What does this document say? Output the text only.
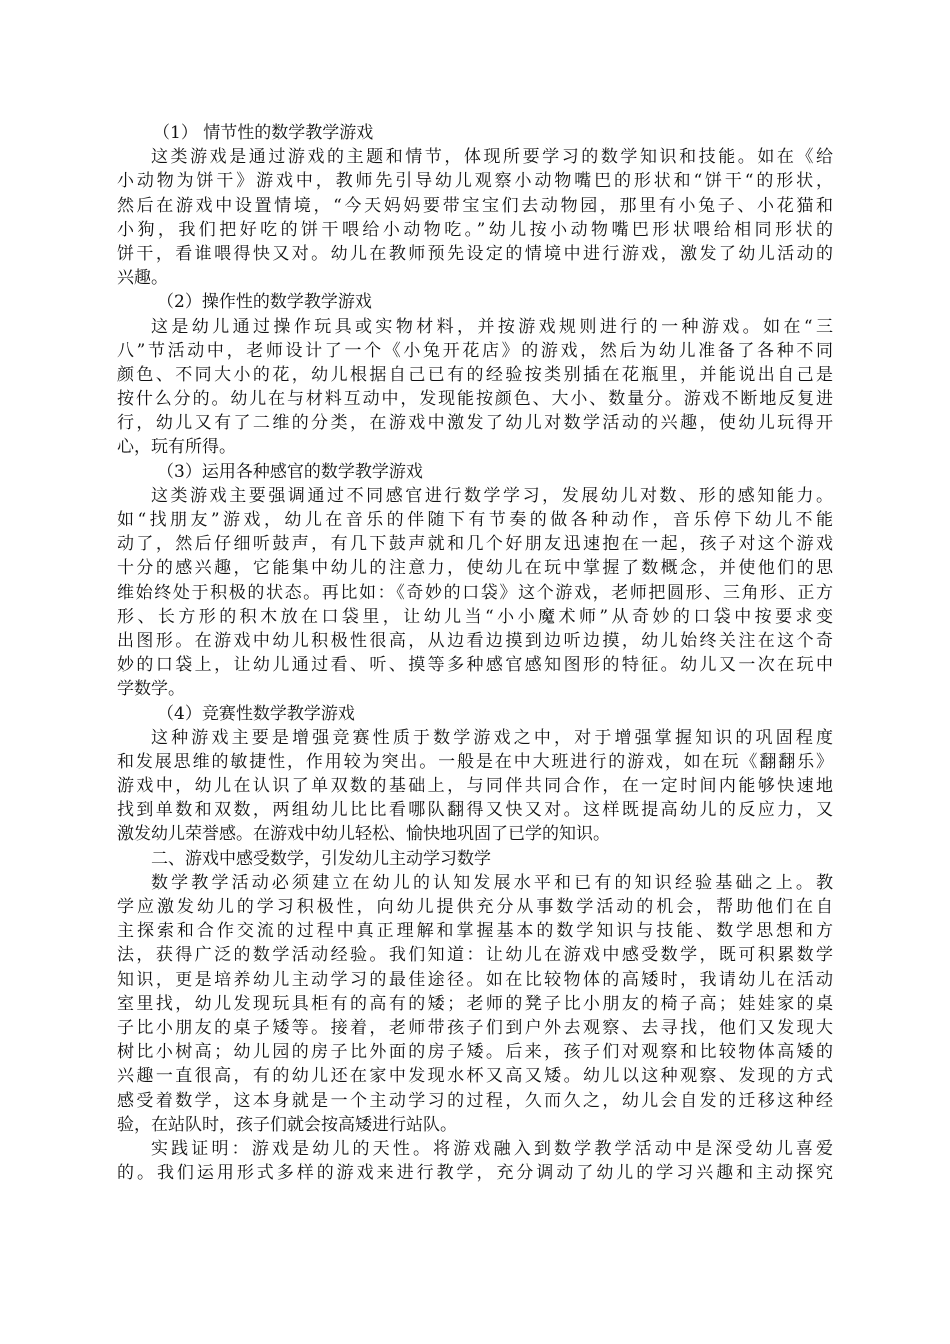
（1） 情节性的数学教学游戏
这类游戏是通过游戏的主题和情节，体现所要学习的数学知识和技能。如在《给
小动物为饼干》游戏中，教师先引导幼儿观察小动物嘴巴的形状和“饼干“的形状，
然后在游戏中设置情境，“今天妈妈要带宝宝们去动物园，那里有小兔子、小花猫和
小狗，我们把好吃的饼干喂给小动物吃。”幼儿按小动物嘴巴形状喂给相同形状的
饼干，看谁喂得快又对。幼儿在教师预先设定的情境中进行游戏，激发了幼儿活动的
兴趣。
（2）操作性的数学教学游戏
这是幼儿通过操作玩具或实物材料，并按游戏规则进行的一种游戏。如在“三
八”节活动中，老师设计了一个《小兔开花店》的游戏，然后为幼儿准备了各种不同
颜色、不同大小的花，幼儿根据自己已有的经验按类别插在花瓶里，并能说出自己是
按什么分的。幼儿在与材料互动中，发现能按颜色、大小、数量分。游戏不断地反复进
行，幼儿又有了二维的分类，在游戏中激发了幼儿对数学活动的兴趣，使幼儿玩得开
心，玩有所得。
（3）运用各种感官的数学教学游戏
这类游戏主要强调通过不同感官进行数学学习，发展幼儿对数、形的感知能力。
如“找朋友”游戏，幼儿在音乐的伴随下有节奏的做各种动作，音乐停下幼儿不能
动了，然后仔细听鼓声，有几下鼓声就和几个好朋友迅速抱在一起，孩子对这个游戏
十分的感兴趣，它能集中幼儿的注意力，使幼儿在玩中掌握了数概念，并使他们的思
维始终处于积极的状态。再比如：《奇妙的口袋》这个游戏，老师把圆形、三角形、正方
形、长方形的积木放在口袋里，让幼儿当“小小魔术师”从奇妙的口袋中按要求变
出图形。在游戏中幼儿积极性很高，从边看边摸到边听边摸，幼儿始终关注在这个奇
妙的口袋上，让幼儿通过看、听、摸等多种感官感知图形的特征。幼儿又一次在玩中
学数学。
（4）竞赛性数学教学游戏
这种游戏主要是增强竞赛性质于数学游戏之中，对于增强掌握知识的巩固程度
和发展思维的敏捷性，作用较为突出。一般是在中大班进行的游戏，如在玩《翻翻乐》
游戏中，幼儿在认识了单双数的基础上，与同伴共同合作，在一定时间内能够快速地
找到单数和双数，两组幼儿比比看哪队翻得又快又对。这样既提高幼儿的反应力，又
激发幼儿荣誉感。在游戏中幼儿轻松、愉快地巩固了已学的知识。
二、游戏中感受数学，引发幼儿主动学习数学
数学教学活动必须建立在幼儿的认知发展水平和已有的知识经验基础之上。教
学应激发幼儿的学习积极性，向幼儿提供充分从事数学活动的机会，帮助他们在自
主探索和合作交流的过程中真正理解和掌握基本的数学知识与技能、数学思想和方
法，获得广泛的数学活动经验。我们知道：让幼儿在游戏中感受数学，既可积累数学
知识，更是培养幼儿主动学习的最佳途径。如在比较物体的高矮时，我请幼儿在活动
室里找，幼儿发现玩具柜有的高有的矮；老师的凳子比小朋友的椅子高；娃娃家的桌
子比小朋友的桌子矮等。接着，老师带孩子们到户外去观察、去寻找，他们又发现大
树比小树高；幼儿园的房子比外面的房子矮。后来，孩子们对观察和比较物体高矮的
兴趣一直很高，有的幼儿还在家中发现水杯又高又矮。幼儿以这种观察、发现的方式
感受着数学，这本身就是一个主动学习的过程，久而久之，幼儿会自发的迁移这种经
验，在站队时，孩子们就会按高矮进行站队。
实践证明：游戏是幼儿的天性。将游戏融入到数学教学活动中是深受幼儿喜爱
的。我们运用形式多样的游戏来进行教学，充分调动了幼儿的学习兴趣和主动探究
